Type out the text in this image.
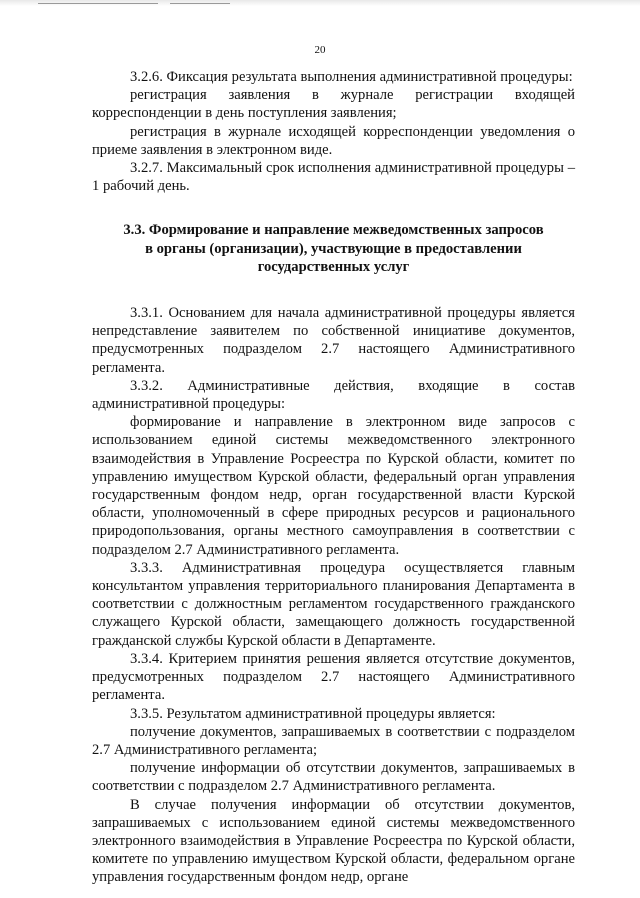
20

3.2.6. Фиксация результата выполнения административной процедуры:

регистрация заявления в журнале регистрации входящей корреспонденции в день поступления заявления;

регистрация в журнале исходящей корреспонденции уведомления о приеме заявления в электронном виде.

3.2.7. Максимальный срок исполнения административной процедуры – 1 рабочий день.

3.3. Формирование и направление межведомственных запросов
в органы (организации), участвующие в предоставлении
государственных услуг

3.3.1. Основанием для начала административной процедуры является непредставление заявителем по собственной инициативе документов, предусмотренных подразделом 2.7 настоящего Административного регламента.

3.3.2. Административные действия, входящие в состав административной процедуры:

формирование и направление в электронном виде запросов с использованием единой системы межведомственного электронного взаимодействия в Управление Росреестра по Курской области, комитет по управлению имуществом Курской области, федеральный орган управления государственным фондом недр, орган государственной власти Курской области, уполномоченный в сфере природных ресурсов и рационального природопользования, органы местного самоуправления в соответствии с подразделом 2.7 Административного регламента.

3.3.3. Административная процедура осуществляется главным консультантом управления территориального планирования Департамента в соответствии с должностным регламентом государственного гражданского служащего Курской области, замещающего должность государственной гражданской службы Курской области в Департаменте.

3.3.4. Критерием принятия решения является отсутствие документов, предусмотренных подразделом 2.7 настоящего Административного регламента.

3.3.5. Результатом административной процедуры является:

получение документов, запрашиваемых в соответствии с подразделом 2.7 Административного регламента;

получение информации об отсутствии документов, запрашиваемых в соответствии с подразделом 2.7 Административного регламента.

В случае получения информации об отсутствии документов, запрашиваемых с использованием единой системы межведомственного электронного взаимодействия в Управление Росреестра по Курской области, комитете по управлению имуществом Курской области, федеральном органе управления государственным фондом недр, органе
